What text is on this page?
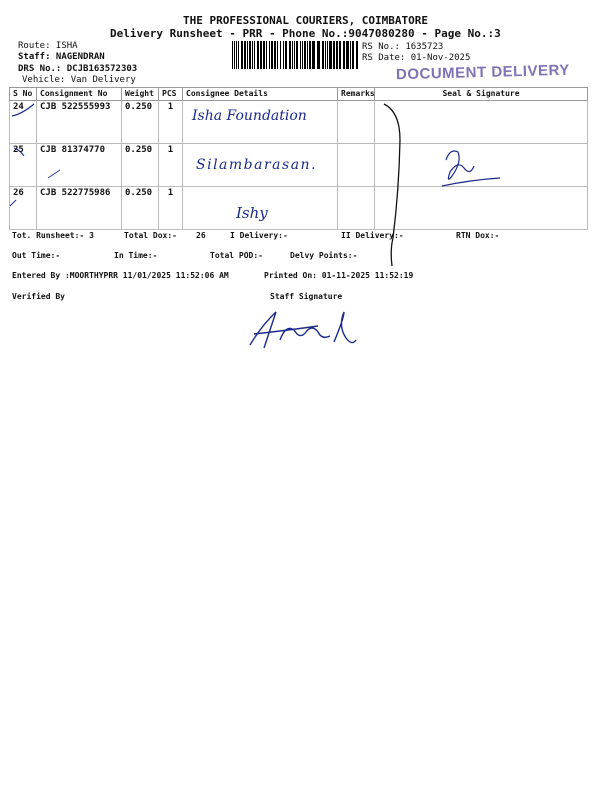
THE PROFESSIONAL COURIERS, COIMBATORE
Delivery Runsheet - PRR - Phone No.:9047080280 - Page No.:3
Route: ISHA
Staff: NAGENDRAN
DRS No.: DCJB163572303
Vehicle: Van Delivery
RS No.: 1635723
RS Date: 01-Nov-2025
DOCUMENT DELIVERY
S No	Consignment No	Weight	PCS	Consignee Details	Remarks	Seal & Signature
24	CJB 522555993	0.250	1	Isha Foundation		
25	CJB 81374770	0.250	1	Silambarasan.		
26	CJB 522775986	0.250	1	Ishy		
Tot. Runsheet:- 3	Total Dox:- 26	I Delivery:-	II Delivery:-	RTN Dox:-
Out Time:-	In Time:-	Total POD:-	Delvy Points:-
Entered By :MOORTHYPRR 11/01/2025 11:52:06 AM	Printed On: 01-11-2025 11:52:19
Verified By	Staff Signature
